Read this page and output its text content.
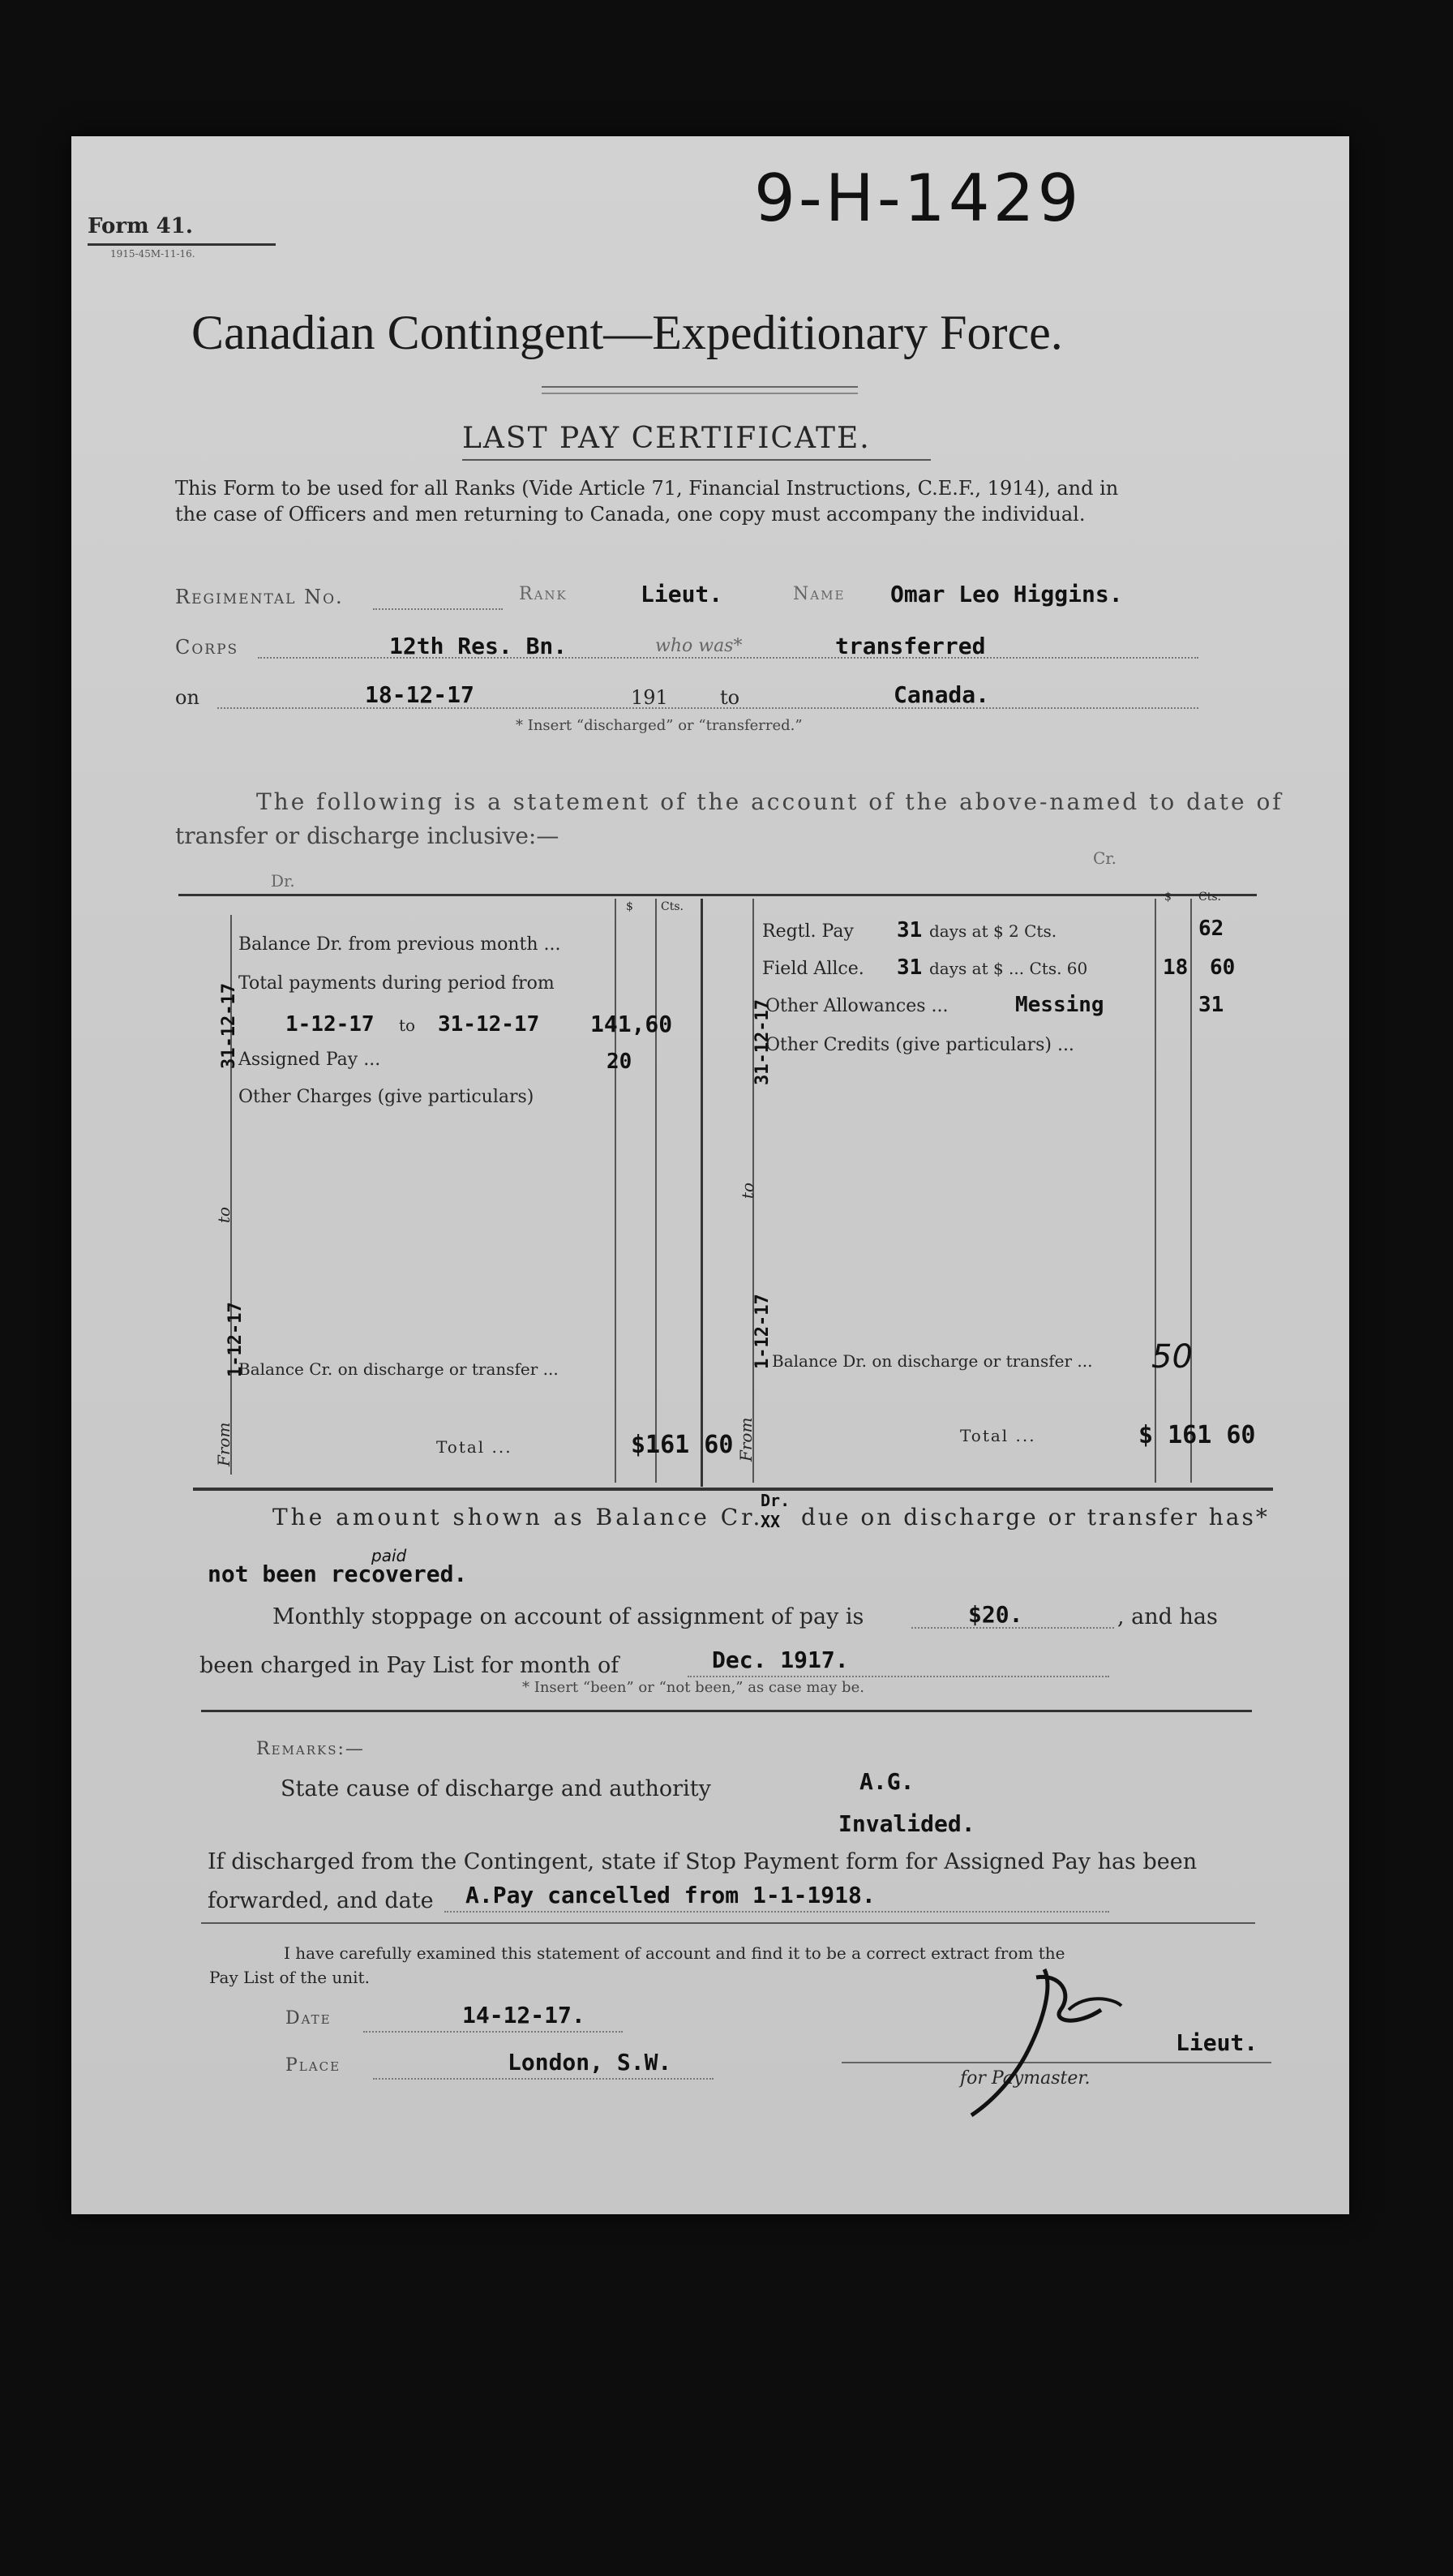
9-H-1429
Form 41.
1915-45M-11-16.
Canadian Contingent—Expeditionary Force.
LAST PAY CERTIFICATE.
This Form to be used for all Ranks (Vide Article 71, Financial Instructions, C.E.F., 1914), and in
the case of Officers and men returning to Canada, one copy must accompany the individual.
Regimental No.	Rank	Lieut.	Name Omar Leo Higgins.
Corps	12th Res. Bn.	who was*	transferred
on	18-12-17	191	to	Canada.
* Insert “discharged” or “transferred.”
The following is a statement of the account of the above-named to date of
transfer or discharge inclusive:—
Dr.
Cr.
$ Cts.
$ Cts.
Balance Dr. from previous month ...
Total payments during period from
1-12-17 to 31-12-17 141,60
Assigned Pay ...	20
Other Charges (give particulars)
Balance Cr. on discharge or transfer ...
Total ...	$161 60
From
1-12-17
to
31-12-17
Regtl. Pay 31 days at $ 2 Cts.	62
Field Allce. 31 days at $ ... Cts. 60	18 60
Other Allowances ...	Messing	31
Other Credits (give particulars) ...
Balance Dr. on discharge or transfer ... 50
Total ...	$ 161 60
From
1-12-17
to
31-12-17
The amount shown as Balance Cr.
Dr.
XX due on discharge or transfer has*
paid
not been recovered.
Monthly stoppage on account of assignment of pay is	$20.	, and has
been charged in Pay List for month of	Dec. 1917.
* Insert “been” or “not been,” as case may be.
Remarks:—
State cause of discharge and authority	A.G.
Invalided.
If discharged from the Contingent, state if Stop Payment form for Assigned Pay has been
forwarded, and date A.Pay cancelled from 1-1-1918.
I have carefully examined this statement of account and find it to be a correct extract from the
Pay List of the unit.
Date	14-12-17.
Place	London, S.W.
Lieut.
for Paymaster.
